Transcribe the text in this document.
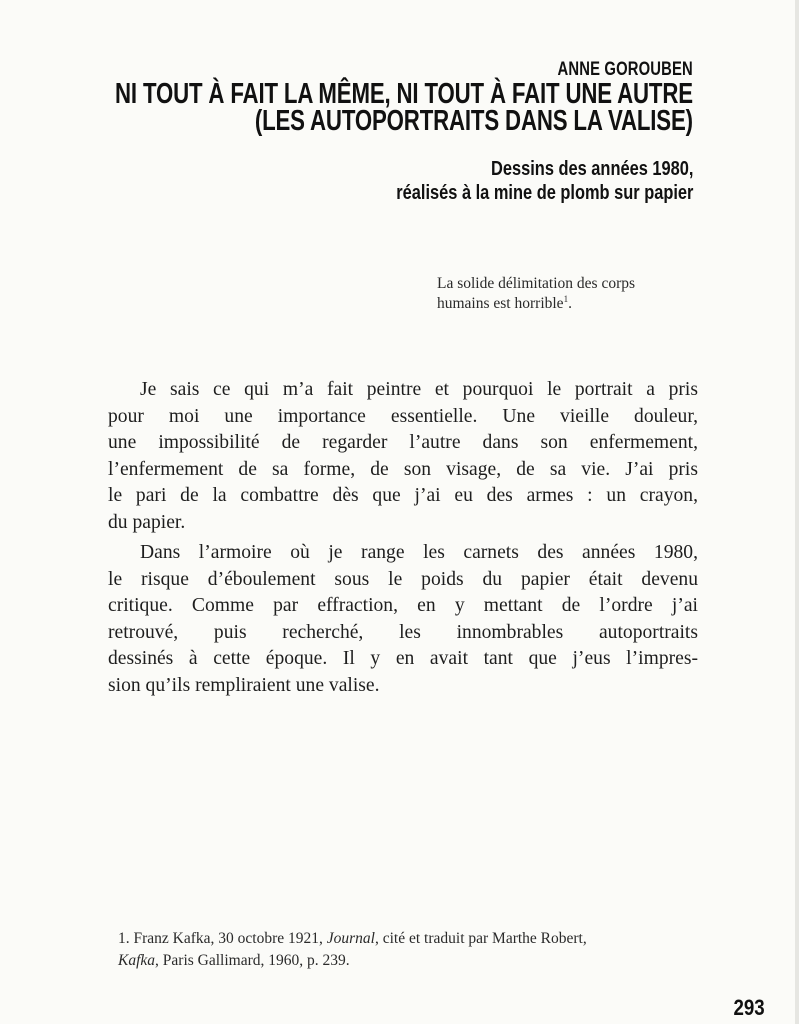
ANNE GOROUBEN
NI TOUT À FAIT LA MÊME, NI TOUT À FAIT UNE AUTRE
(LES AUTOPORTRAITS DANS LA VALISE)
Dessins des années 1980,
réalisés à la mine de plomb sur papier
La solide délimitation des corps
humains est horrible$^1$.
Je sais ce qui m’a fait peintre et pourquoi le portrait a pris
pour moi une importance essentielle. Une vieille douleur,
une impossibilité de regarder l’autre dans son enfermement,
l’enfermement de sa forme, de son visage, de sa vie. J’ai pris
le pari de la combattre dès que j’ai eu des armes : un crayon,
du papier.
Dans l’armoire où je range les carnets des années 1980,
le risque d’éboulement sous le poids du papier était devenu
critique. Comme par effraction, en y mettant de l’ordre j’ai
retrouvé, puis recherché, les innombrables autoportraits
dessinés à cette époque. Il y en avait tant que j’eus l’impres-
sion qu’ils rempliraient une valise.
1. Franz Kafka, 30 octobre 1921, Journal, cité et traduit par Marthe Robert,
Kafka, Paris Gallimard, 1960, p. 239.
293
